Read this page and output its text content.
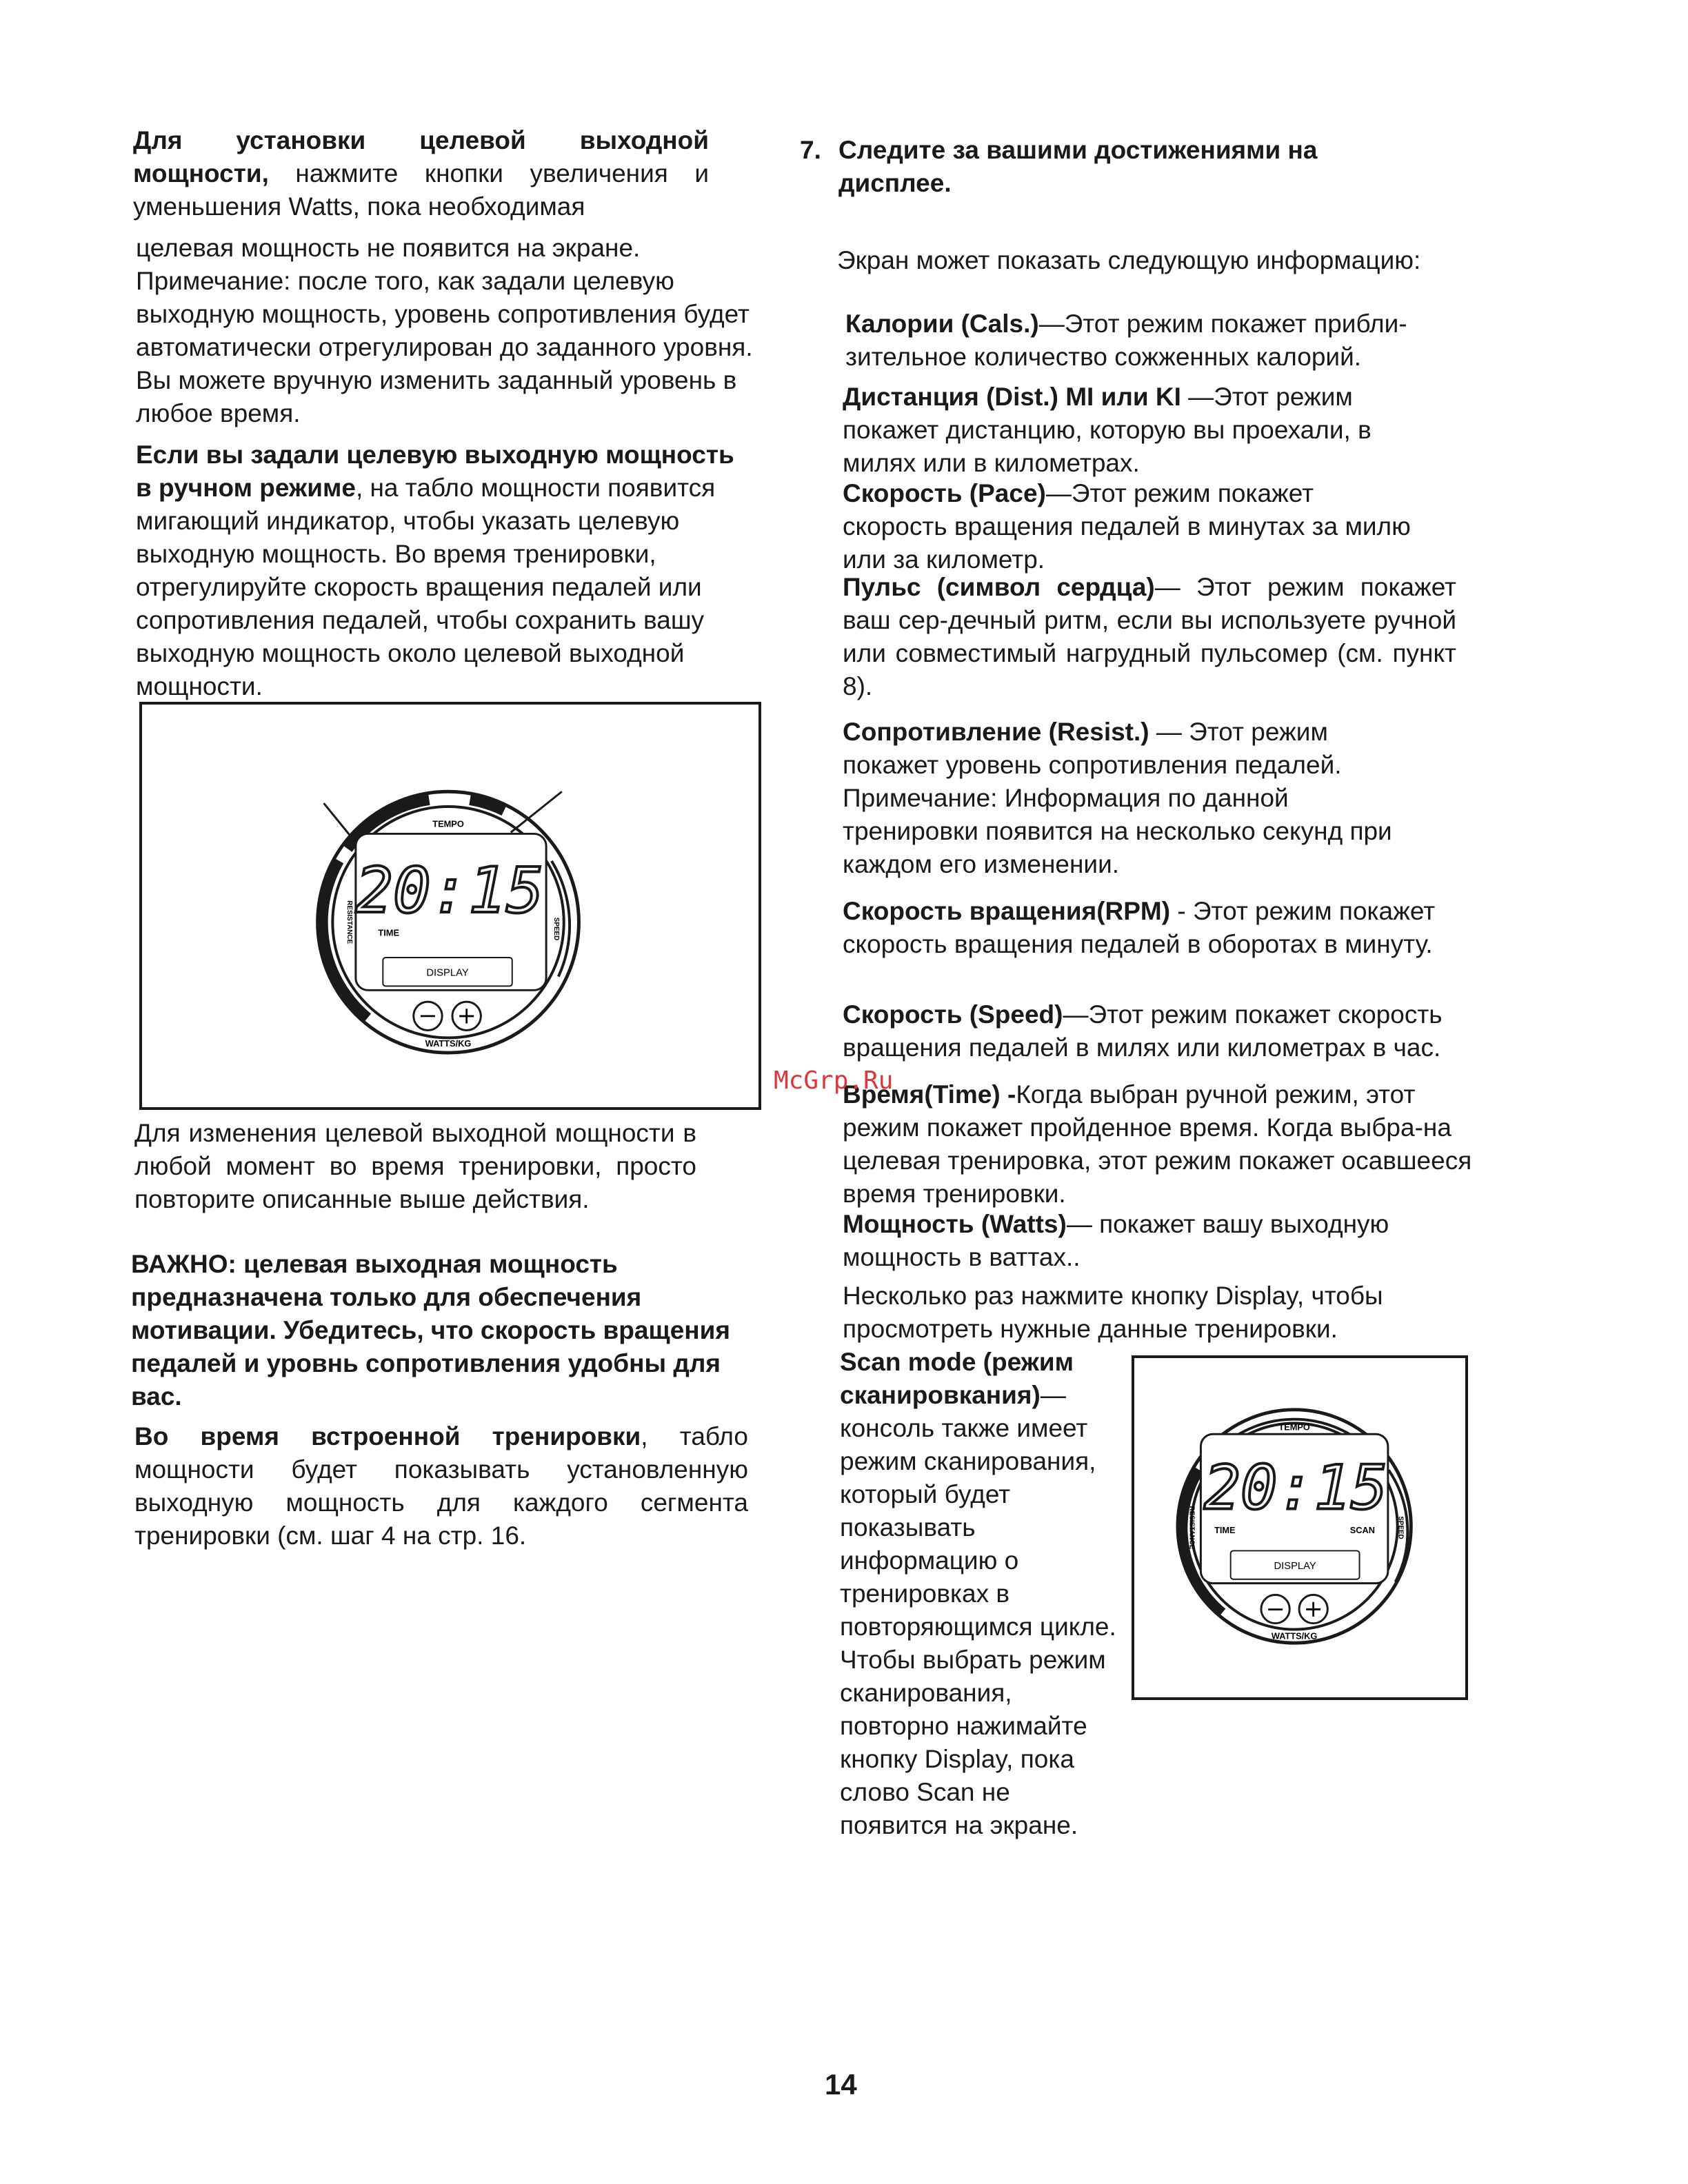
Для установки целевой выходной мощности, нажмите кнопки увеличения и уменьшения Watts, пока необходимая

целевая мощность не появится на экране. Примечание: после того, как задали целевую выходную мощность, уровень сопротивления будет автоматически отрегулирован до заданного уровня. Вы можете вручную изменить заданный уровень в любое время.

Если вы задали целевую выходную мощность в ручном режиме, на табло мощности появится мигающий индикатор, чтобы указать целевую выходную мощность. Во время тренировки, отрегулируйте скорость вращения педалей или сопротивления педалей, чтобы сохранить вашу выходную мощность около целевой выходной мощности.

TEMPO
20:15
TIME
DISPLAY
− +
WATTS/KG
RESISTANCE	SPEED

Для изменения целевой выходной мощности в любой момент во время тренировки, просто повторите описанные выше действия.

ВАЖНО: целевая выходная мощность предназначена только для обеспечения мотивации. Убедитесь, что скорость вращения педалей и уровнь сопротивления удобны для вас.

Во время встроенной тренировки, табло мощности будет показывать установленную выходную мощность для каждого сегмента тренировки (см. шаг 4 на стр. 16.

7. Следите за вашими достижениями на дисплее.

Экран может показать следующую информацию:

Калории (Cals.)—Этот режим покажет прибли-зительное количество сожженных калорий.

Дистанция (Dist.) MI или KI —Этот режим покажет дистанцию, которую вы проехали, в милях или в километрах.

Скорость (Pace)—Этот режим покажет скорость вращения педалей в минутах за милю или за километр.

Пульс (символ сердца)— Этот режим покажет ваш сер-дечный ритм, если вы используете ручной или совместимый нагрудный пульсомер (см. пункт 8).

Сопротивление (Resist.) — Этот режим покажет уровень сопротивления педалей. Примечание: Информация по данной тренировки появится на несколько секунд при каждом его изменении.

Скорость вращения(RPM) - Этот режим покажет скорость вращения педалей в оборотах в минуту.

Скорость (Speed)—Этот режим покажет скорость вращения педалей в милях или километрах в час.

Время(Time) -Когда выбран ручной режим, этот режим покажет пройденное время. Когда выбра-на целевая тренировка, этот режим покажет осавшееся время тренировки.

Мощность (Watts)— покажет вашу выходную мощность в ваттах..

Несколько раз нажмите кнопку Display, чтобы просмотреть нужные данные тренировки.

Scan mode (режим сканировкания)— консоль также имеет режим сканирования, который будет показывать информацию о тренировках в повторяющимся цикле. Чтобы выбрать режим сканирования, повторно нажимайте кнопку Display, пока слово Scan не появится на экране.

TEMPO
20:15
TIME	SCAN
DISPLAY
− +
WATTS/KG
RESISTANCE	SPEED
McGrp.Ru
14
